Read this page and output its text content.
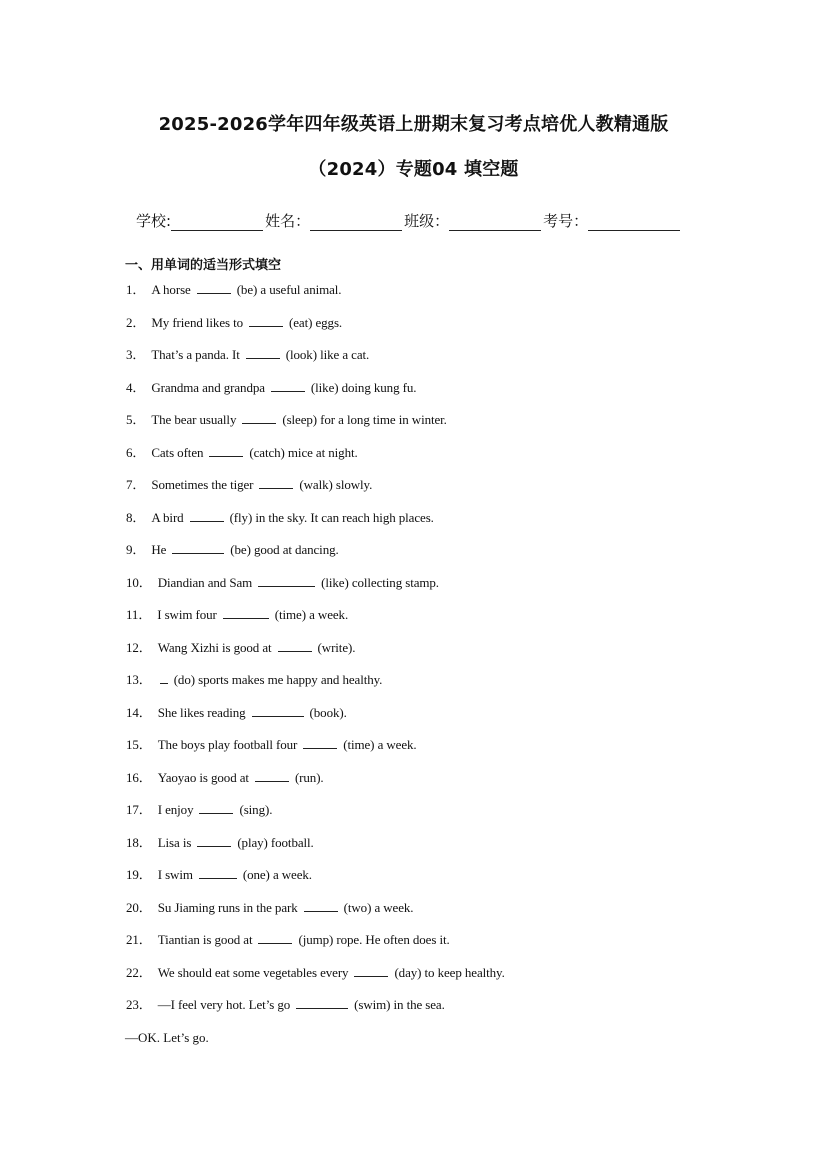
2025-2026学年四年级英语上册期末复习考点培优人教精通版
（2024）专题04 填空题
学校:	姓名：	班级：	考号：
一、用单词的适当形式填空
1． A horse	(be) a useful animal.
2． My friend likes to	(eat) eggs.
3． That’s a panda. It	(look) like a cat.
4． Grandma and grandpa	(like) doing kung fu.
5． The bear usually	(sleep) for a long time in winter.
6． Cats often	(catch) mice at night.
7． Sometimes the tiger	(walk) slowly.
8． A bird	(fly) in the sky. It can reach high places.
9． He	(be) good at dancing.
10． Diandian and Sam	(like) collecting stamp.
11． I swim four	(time) a week.
12． Wang Xizhi is good at	(write).
13． (do) sports makes me happy and healthy.
14． She likes reading	(book).
15． The boys play football four	(time) a week.
16． Yaoyao is good at	(run).
17． I enjoy	(sing).
18． Lisa is	(play) football.
19． I swim	(one) a week.
20． Su Jiaming runs in the park	(two) a week.
21． Tiantian is good at	(jump) rope. He often does it.
22． We should eat some vegetables every	(day) to keep healthy.
23． —I feel very hot. Let’s go	(swim) in the sea.
—OK. Let’s go.
